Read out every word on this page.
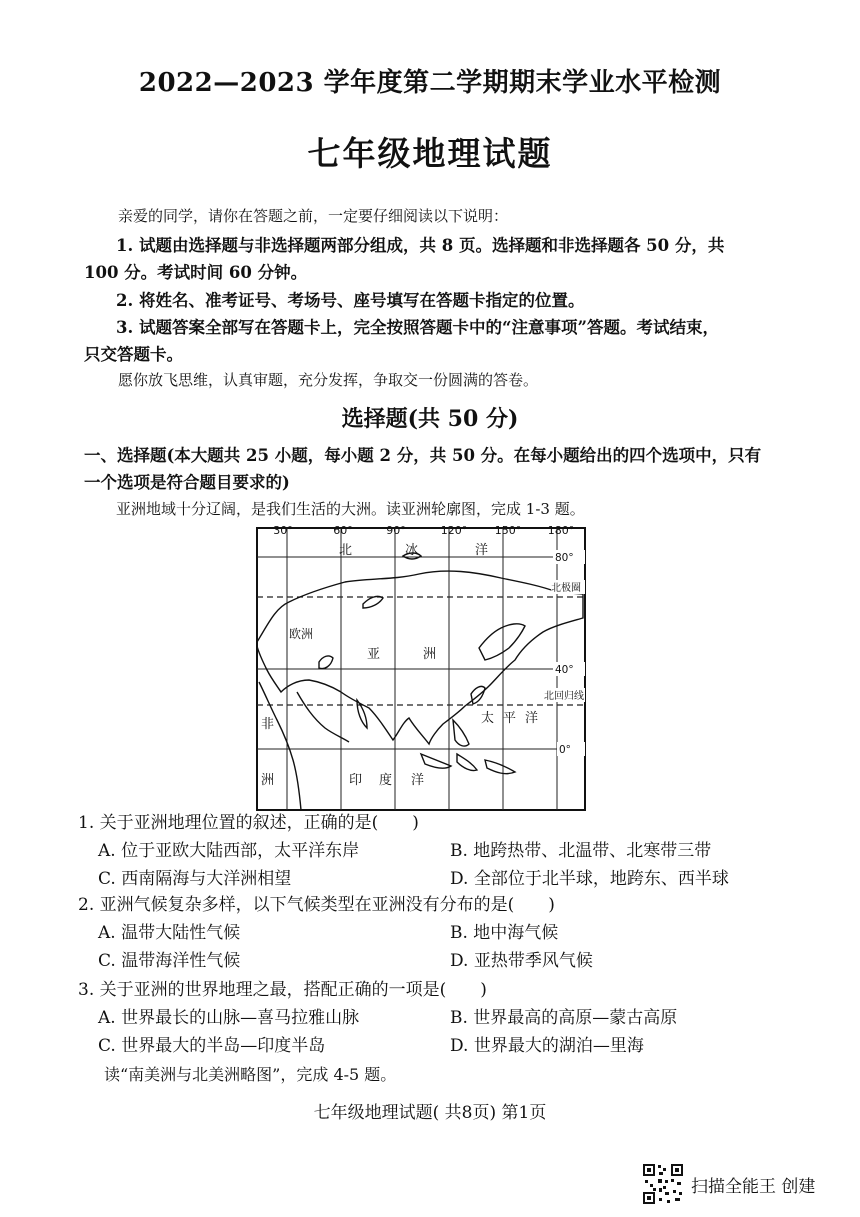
2022—2023 学年度第二学期期末学业水平检测
七年级地理试题
亲爱的同学，请你在答题之前，一定要仔细阅读以下说明：
1. 试题由选择题与非选择题两部分组成，共 8 页。选择题和非选择题各 50 分，共
100 分。考试时间 60 分钟。
2. 将姓名、准考证号、考场号、座号填写在答题卡指定的位置。
3. 试题答案全部写在答题卡上，完全按照答题卡中的“注意事项”答题。考试结束，
只交答题卡。
愿你放飞思维，认真审题，充分发挥，争取交一份圆满的答卷。
选择题(共 50 分)
一、选择题(本大题共 25 小题，每小题 2 分，共 50 分。在每小题给出的四个选项中，只有
一个选项是符合题目要求的)
亚洲地域十分辽阔，是我们生活的大洲。读亚洲轮廓图，完成 1-3 题。
30°	60°	90°	120°	150° 180°
80°
北极圈
40°
北回归线
0°
北	冰	洋
欧洲
亚	洲
太 平 洋
非
洲	印 度 洋
1. 关于亚洲地理位置的叙述，正确的是(　　)
A. 位于亚欧大陆西部，太平洋东岸	B. 地跨热带、北温带、北寒带三带
C. 西南隔海与大洋洲相望	D. 全部位于北半球，地跨东、西半球
2. 亚洲气候复杂多样，以下气候类型在亚洲没有分布的是(　　)
A. 温带大陆性气候	B. 地中海气候
C. 温带海洋性气候	D. 亚热带季风气候
3. 关于亚洲的世界地理之最，搭配正确的一项是(　　)
A. 世界最长的山脉—喜马拉雅山脉	B. 世界最高的高原—蒙古高原
C. 世界最大的半岛—印度半岛	D. 世界最大的湖泊—里海
读“南美洲与北美洲略图”，完成 4-5 题。
七年级地理试题( 共8页) 第1页
扫描全能王 创建
